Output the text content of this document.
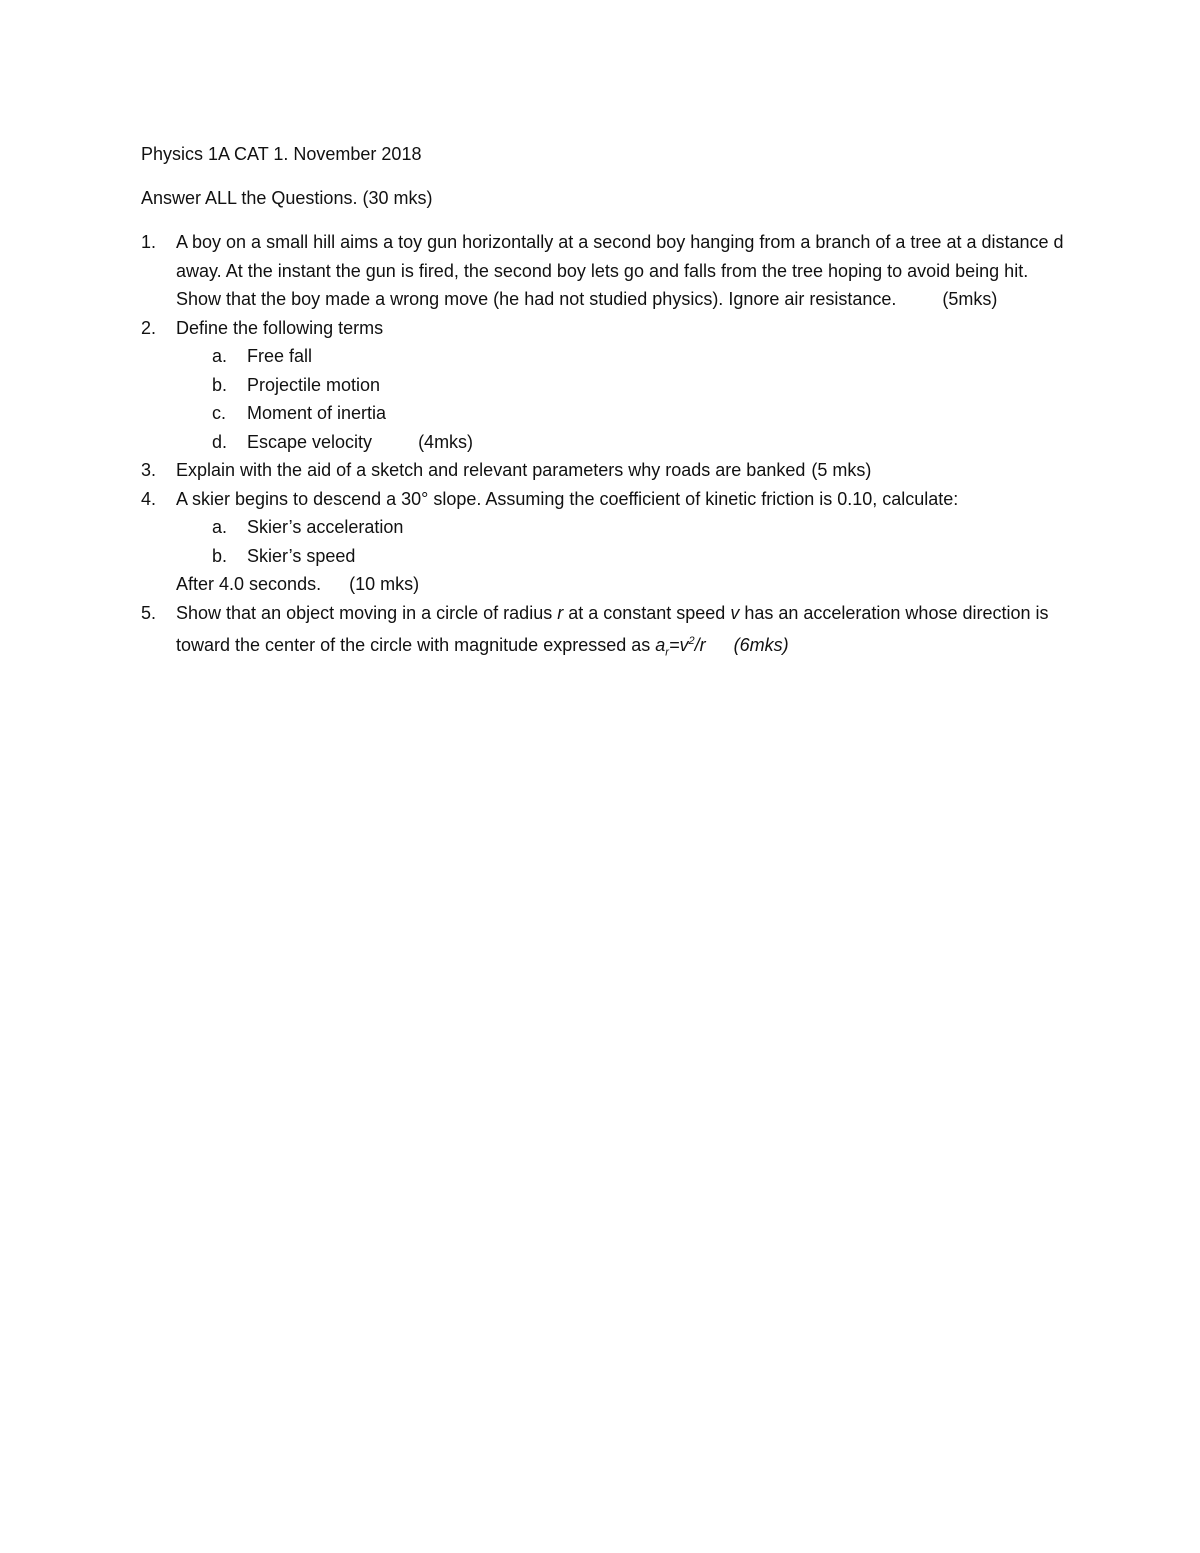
Physics 1A CAT 1. November 2018

Answer ALL the Questions. (30 mks)

1.	A boy on a small hill aims a toy gun horizontally at a second boy hanging from a branch of a tree at a distance d away. At the instant the gun is fired, the second boy lets go and falls from the tree hoping to avoid being hit. Show that the boy made a wrong move (he had not studied physics). Ignore air resistance.	(5mks)
2.	Define the following terms
a.	Free fall
b.	Projectile motion
c.	Moment of inertia
d.	Escape velocity	(4mks)
3.	Explain with the aid of a sketch and relevant parameters why roads are banked (5 mks)
4.	A skier begins to descend a 30° slope. Assuming the coefficient of kinetic friction is 0.10, calculate:
a.	Skier’s acceleration
b.	Skier’s speed
After 4.0 seconds. (10 mks)
5.	Show that an object moving in a circle of radius r at a constant speed v has an acceleration whose direction is toward the center of the circle with magnitude expressed as $a_r=v^2/r$ (6mks)
